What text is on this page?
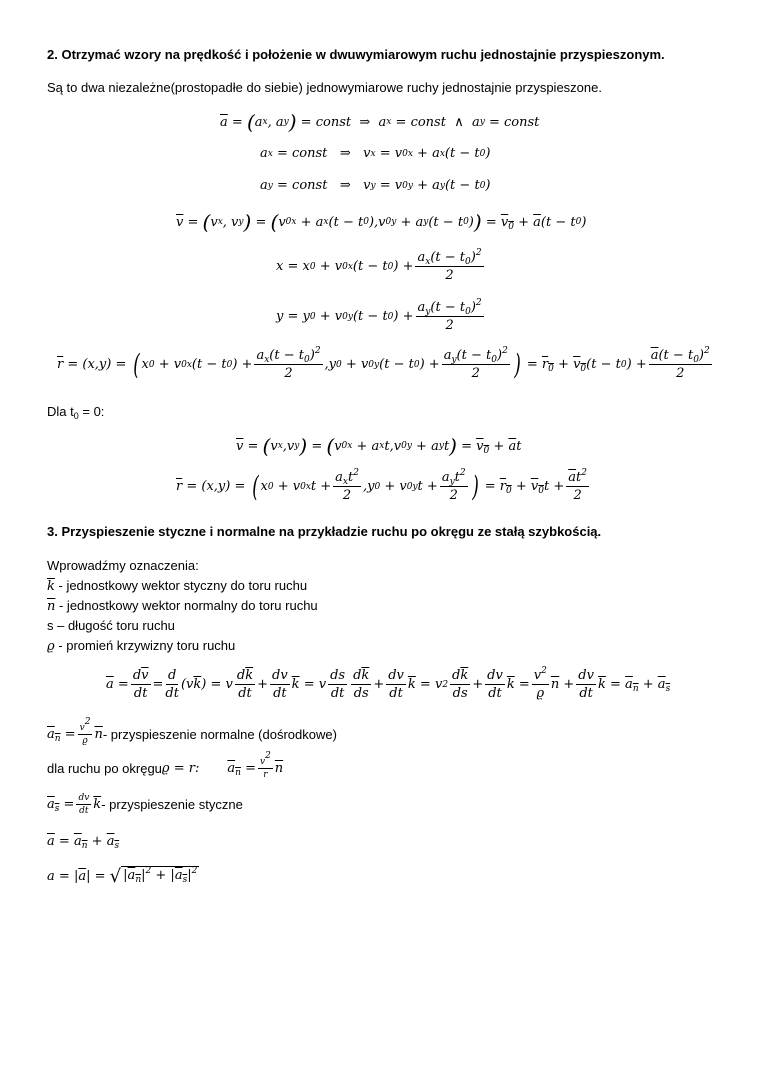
2. Otrzymać wzory na prędkość i położenie w dwuwymiarowym ruchu jednostajnie przyspieszonym.
Są to dwa niezależne(prostopadłe do siebie) jednowymiarowe ruchy jednostajnie przyspieszone.
$\overline{a}$
=
( a x , a y )
=
const
⇒ a x
=
const
∧ a y
=
const
a x
=
const
⇒ v x
= v 0x
+ a x (t − t 0 )
a y
=
const
⇒ v y
= v 0y
+ a y (t − t 0 )
$\overline{v}$
=
( v x , v y )
=
( v 0x
+ a x (t − t 0 ),v 0y
+ a y (t − t 0 ) )
=
$v_0$
+
$\overline{a}$ (t − t 0 )
x = x 0
+ v 0x (t − t 0 ) + $\frac{a_x(t - t_0)^2}{2}$
y = y 0
+ v 0y (t − t 0 ) + $\frac{a_y(t - t_0)^2}{2}$
$\overline{r}$
= (x,y) =
( x 0
+ v 0x (t − t 0 ) + $\frac{a_x(t - t_0)^2}{2} ,y$ 0
+ v 0y (t − t 0 ) + $\frac{a_y(t - t_0)^2}{2}$ )
=
$r_0$
+
$v_0$ (t − t 0 ) + $\frac{\overline{a}(t - t_0)^2}{2}$
Dla $t_0 = 0$:
$\overline{v}$
=
( v x ,v y )
=
( v 0x
+ a x t,v 0y
+ a y t )
=
$v_0$
+
$\overline{a}$ t
$\overline{r}$
= (x,y) =
( x 0
+ v 0x t +
$a_xt^2$
2
,y 0
+ v 0y t +
$a_yt^2$
2 )
=
$r_0$
+
$v_0$ $t + \frac{\overline{a}t^2}{2}$
3. Przyspieszenie styczne i normalne na przykładzie ruchu po okręgu ze stałą szybkością.
Wprowadźmy oznaczenia:
$\overline{k}$ - jednostkowy wektor styczny do toru ruchu
$\overline{n}$ - jednostkowy wektor normalny do toru ruchu
s – długość toru ruchu
ϱ - promień krzywizny toru ruchu
$\overline{a}$
= $\frac{d\overline{v}}{dt} = \frac{d}{dt} (v$ $\overline{k}$ ) = v $\frac{d\overline{k}}{dt} + \frac{dv}{dt} \overline{k}$
= v $\frac{ds}{dt} d\overline{k}$
ds
+ $\frac{dv}{dt} \overline{k}$
= v 2
$d\overline{k}$
ds
+ $\frac{dv}{dt} \overline{k}$
= $\frac{v^2}{ϱ} \overline{n}$
+ $\frac{dv}{dt} \overline{k}$
=
$a_n$
+
$a_s$
$a_n$
= $\frac{v^2}{ϱ} \overline{n}$ - przyspieszenie normalne (dośrodkowe)
dla ruchu po okręgu ϱ = r : $a_n$
= $\frac{v^2}{r} \overline{n}$
$a_s$
= $\frac{dv}{dt} \overline{k}$ - przyspieszenie styczne
$\overline{a}$
=
$a_n$
+
$a_s$
a =
| $\overline{a}$ |
=
√ $|a_n|^2 + |a_s|^2$
